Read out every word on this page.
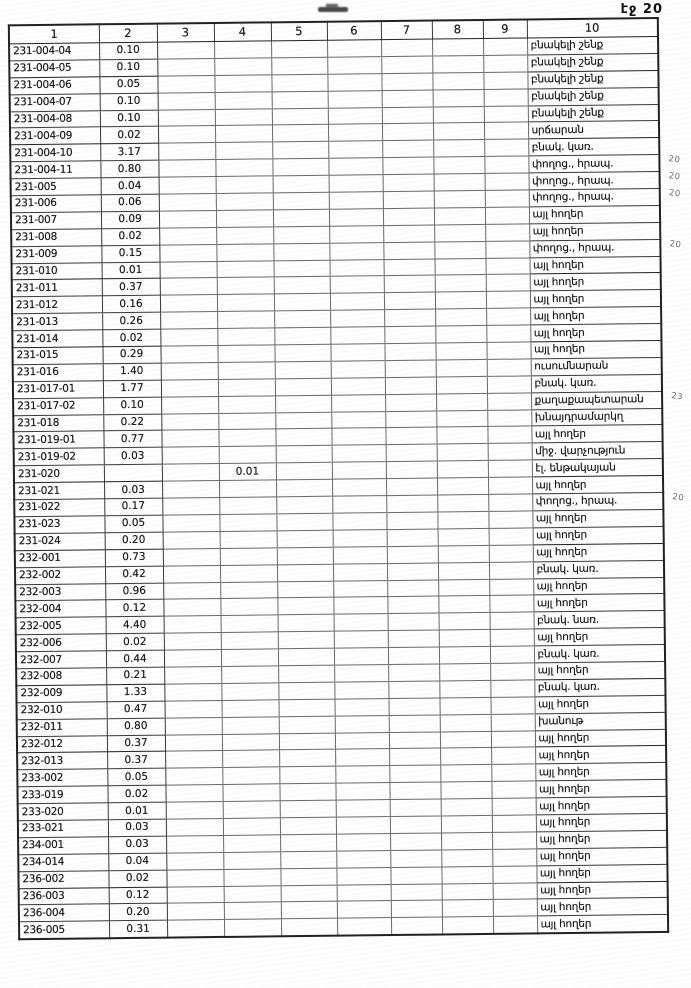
էջ 20
1	2	3	4	5	6	7	8	9	10
231-004-04	0.10								բնակելի շենք
231-004-05	0.10								բնակելի շենք
231-004-06	0.05								բնակելի շենք
231-004-07	0.10								բնակելի շենք
231-004-08	0.10								բնակելի շենք
231-004-09	0.02								սրճարան
231-004-10	3.17								բնակ. կառ.
231-004-11	0.80								փողոց., հրապ. 20

231-005	0.04								փողոց., հրապ. 20

231-006	0.06								փողոց., հրապ. 20

231-007	0.09								այլ հողեր
231-008	0.02								այլ հողեր
231-009	0.15								փողոց., հրապ. 20

231-010	0.01								այլ հողեր
231-011	0.37								այլ հողեր
231-012	0.16								այլ հողեր
231-013	0.26								այլ հողեր
231-014	0.02								այլ հողեր
231-015	0.29								այլ հողեր
231-016	1.40								ուսումնարան
231-017-01	1.77								բնակ. կառ.
231-017-02	0.10								քաղաքապետարան 23

231-018	0.22								խնայդրամարկղ
231-019-01	0.77								այլ հողեր
231-019-02	0.03								միջ. վարչություն
231-020			0.01						էլ. ենթակայան
231-021	0.03								այլ հողեր
231-022	0.17								փողոց., հրապ. 20

231-023	0.05								այլ հողեր
231-024	0.20								այլ հողեր
232-001	0.73								այլ հողեր
232-002	0.42								բնակ. կառ.
232-003	0.96								այլ հողեր
232-004	0.12								այլ հողեր
232-005	4.40								բնակ. նառ.
232-006	0.02								այլ հողեր
232-007	0.44								բնակ. կառ.
232-008	0.21								այլ հողեր
232-009	1.33								բնակ. կառ.
232-010	0.47								այլ հողեր
232-011	0.80								խանութ
232-012	0.37								այլ հողեր
232-013	0.37								այլ հողեր
233-002	0.05								այլ հողեր
233-019	0.02								այլ հողեր
233-020	0.01								այլ հողեր
233-021	0.03								այլ հողեր
234-001	0.03								այլ հողեր
234-014	0.04								այլ հողեր
236-002	0.02								այլ հողեր
236-003	0.12								այլ հողեր
236-004	0.20								այլ հողեր
236-005	0.31								այլ հողեր
